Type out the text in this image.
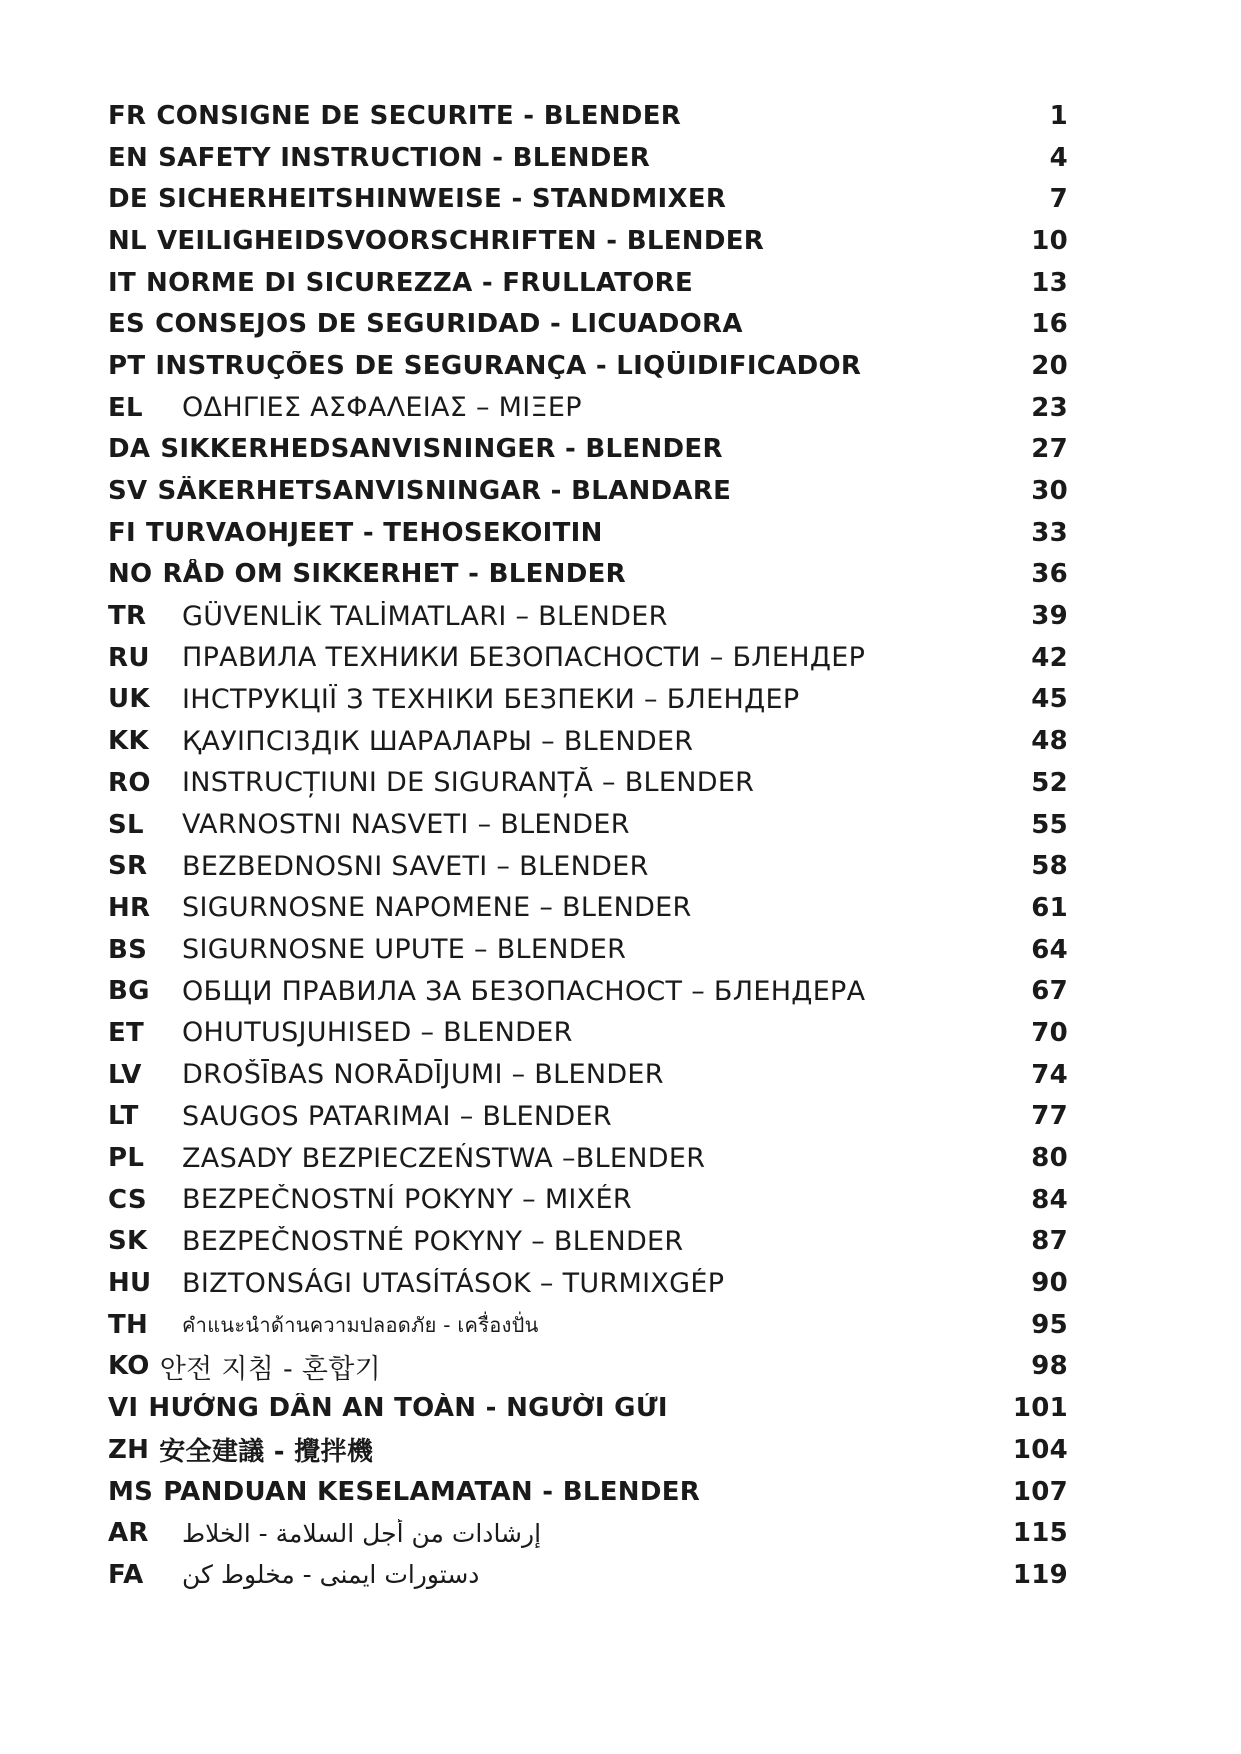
FR CONSIGNE DE SECURITE - BLENDER	1
EN SAFETY INSTRUCTION - BLENDER	4
DE SICHERHEITSHINWEISE - STANDMIXER	7
NL VEILIGHEIDSVOORSCHRIFTEN - BLENDER	10
IT NORME DI SICUREZZA - FRULLATORE	13
ES CONSEJOS DE SEGURIDAD - LICUADORA	16
PT INSTRUÇÕES DE SEGURANÇA - LIQÜIDIFICADOR	20
EL	ΟΔΗΓΙΕΣ ΑΣΦΑΛΕΙΑΣ – ΜΙΞΕΡ	23
DA SIKKERHEDSANVISNINGER - BLENDER	27
SV SÄKERHETSANVISNINGAR - BLANDARE	30
FI TURVAOHJEET - TEHOSEKOITIN	33
NO RÅD OM SIKKERHET - BLENDER	36
TR	GÜVENLİK TALİMATLARI – BLENDER	39
RU	ПРАВИЛА ТЕХНИКИ БЕЗОПАСНОСТИ – БЛЕНДЕР	42
UK	ІНСТРУКЦІЇ З ТЕХНІКИ БЕЗПЕКИ – БЛЕНДЕР	45
KK	ҚАУІПСІЗДІК ШАРАЛАРЫ – BLENDER	48
RO	INSTRUCȚIUNI DE SIGURANȚĂ – BLENDER	52
SL	VARNOSTNI NASVETI – BLENDER	55
SR	BEZBEDNOSNI SAVETI – BLENDER	58
HR	SIGURNOSNE NAPOMENE – BLENDER	61
BS	SIGURNOSNE UPUTE – BLENDER	64
BG	ОБЩИ ПРАВИЛА ЗА БЕЗОПАСНОСТ – БЛЕНДЕРА	67
ET	OHUTUSJUHISED – BLENDER	70
LV	DROŠĪBAS NORĀDĪJUMI – BLENDER	74
LT	SAUGOS PATARIMAI – BLENDER	77
PL	ZASADY BEZPIECZEŃSTWA –BLENDER	80
CS	BEZPEČNOSTNÍ POKYNY – MIXÉR	84
SK	BEZPEČNOSTNÉ POKYNY – BLENDER	87
HU	BIZTONSÁGI UTASÍTÁSOK – TURMIXGÉP	90
TH	คําแนะนําด้านความปลอดภัย - เครื่องปั่น	95
KO 안전 지침 - 혼합기	98
VI HƯỚNG DẪN AN TOÀN - NGƯỜI GỬI	101
ZH 安全建議 - 攪拌機	104
MS PANDUAN KESELAMATAN - BLENDER	107
AR	إرشادات من أجل السلامة - الخلاط	115
FA	دستورات ایمنی - مخلوط کن	119
